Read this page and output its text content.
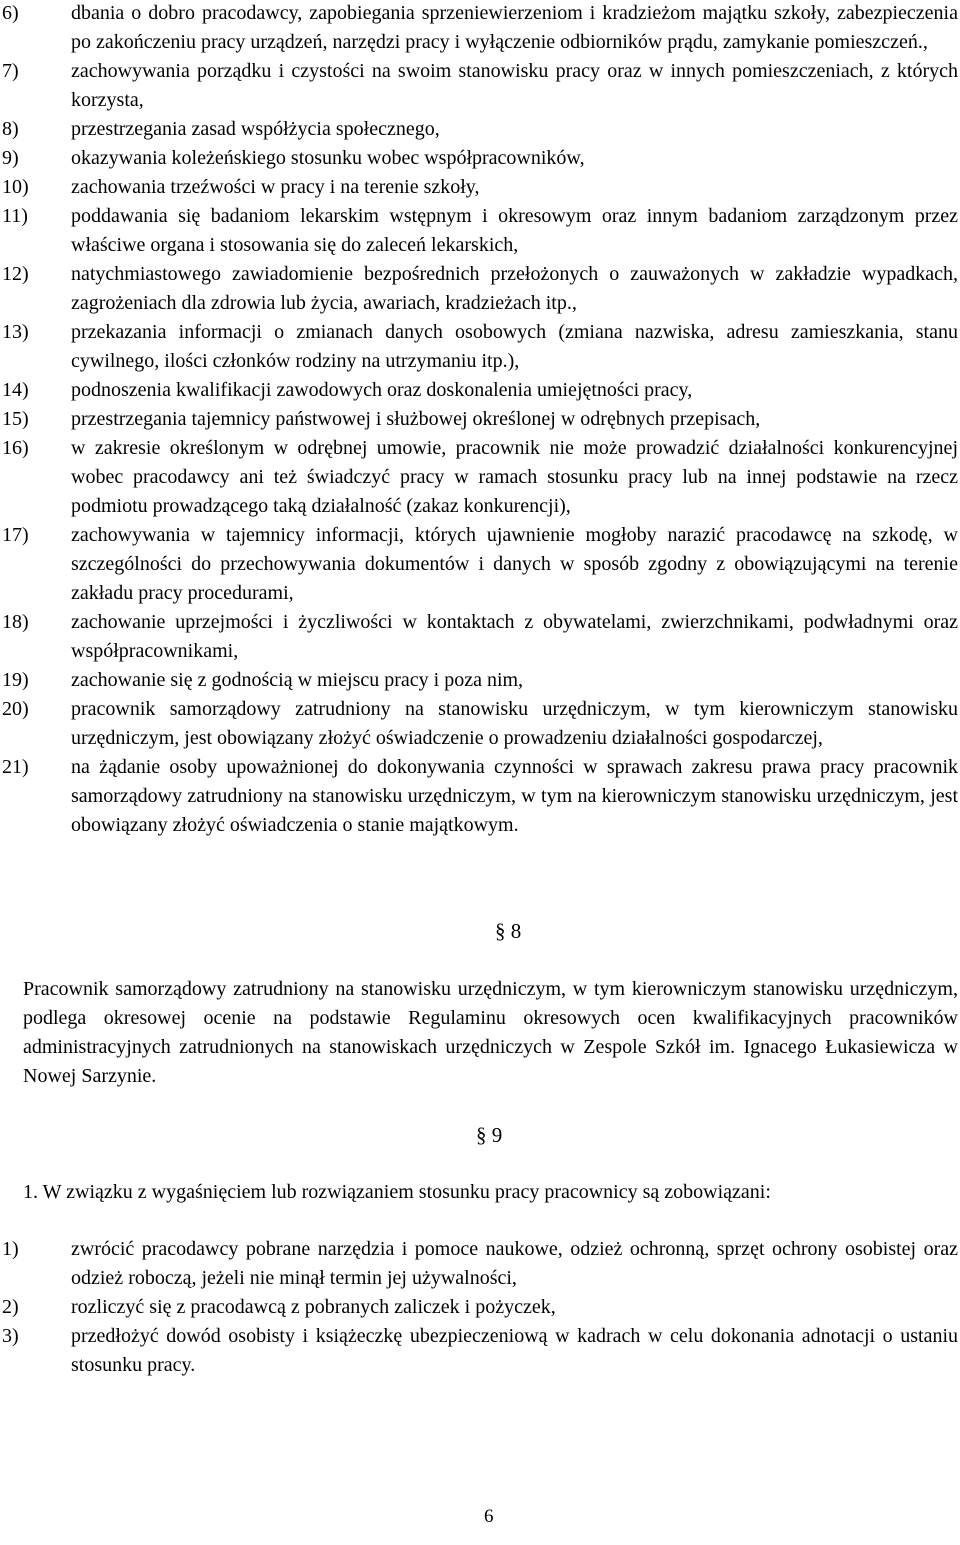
6)	dbania o dobro pracodawcy, zapobiegania sprzeniewierzeniom i kradzieżom majątku szkoły, zabezpieczenia po zakończeniu pracy urządzeń, narzędzi pracy i wyłączenie odbiorników prądu, zamykanie pomieszczeń.,
7)	zachowywania porządku i czystości na swoim stanowisku pracy oraz w innych pomieszczeniach, z których korzysta,
8)	przestrzegania zasad współżycia społecznego,
9)	okazywania koleżeńskiego stosunku wobec współpracowników,
10) zachowania trzeźwości w pracy i na terenie szkoły,
11) poddawania się badaniom lekarskim wstępnym i okresowym oraz innym badaniom zarządzonym przez właściwe organa i stosowania się do zaleceń lekarskich,
12) natychmiastowego zawiadomienie bezpośrednich przełożonych o zauważonych w zakładzie wypadkach, zagrożeniach dla zdrowia lub życia, awariach, kradzieżach itp.,
13) przekazania informacji o zmianach danych osobowych (zmiana nazwiska, adresu zamieszkania, stanu cywilnego, ilości członków rodziny na utrzymaniu itp.),
14) podnoszenia kwalifikacji zawodowych oraz doskonalenia umiejętności pracy,
15) przestrzegania tajemnicy państwowej i służbowej określonej w odrębnych przepisach,
16) w zakresie określonym w odrębnej umowie, pracownik nie może prowadzić działalności konkurencyjnej wobec pracodawcy ani też świadczyć pracy w ramach stosunku pracy lub na innej podstawie na rzecz podmiotu prowadzącego taką działalność (zakaz konkurencji),
17) zachowywania w tajemnicy informacji, których ujawnienie mogłoby narazić pracodawcę na szkodę, w szczególności do przechowywania dokumentów i danych w sposób zgodny z obowiązującymi na terenie zakładu pracy procedurami,
18) zachowanie uprzejmości i życzliwości w kontaktach z obywatelami, zwierzchnikami, podwładnymi oraz współpracownikami,
19) zachowanie się z godnością w miejscu pracy i poza nim,
20) pracownik samorządowy zatrudniony na stanowisku urzędniczym, w tym kierowniczym stanowisku urzędniczym, jest obowiązany złożyć oświadczenie o prowadzeniu działalności gospodarczej,
21) na żądanie osoby upoważnionej do dokonywania czynności w sprawach zakresu prawa pracy pracownik samorządowy zatrudniony na stanowisku urzędniczym, w tym na kierowniczym stanowisku urzędniczym, jest obowiązany złożyć oświadczenia o stanie majątkowym.
§ 8
Pracownik samorządowy zatrudniony na stanowisku urzędniczym, w tym kierowniczym stanowisku urzędniczym, podlega okresowej ocenie na podstawie Regulaminu okresowych ocen kwalifikacyjnych pracowników administracyjnych zatrudnionych na stanowiskach urzędniczych w Zespole Szkół im. Ignacego Łukasiewicza w Nowej Sarzynie.
§ 9
1. W związku z wygaśnięciem lub rozwiązaniem stosunku pracy pracownicy są zobowiązani:
1)	zwrócić pracodawcy pobrane narzędzia i pomoce naukowe, odzież ochronną, sprzęt ochrony osobistej oraz odzież roboczą, jeżeli nie minął termin jej używalności,
2)	rozliczyć się z pracodawcą z pobranych zaliczek i pożyczek,
3)	przedłożyć dowód osobisty i książeczkę ubezpieczeniową w kadrach w celu dokonania adnotacji o ustaniu stosunku pracy.
6
